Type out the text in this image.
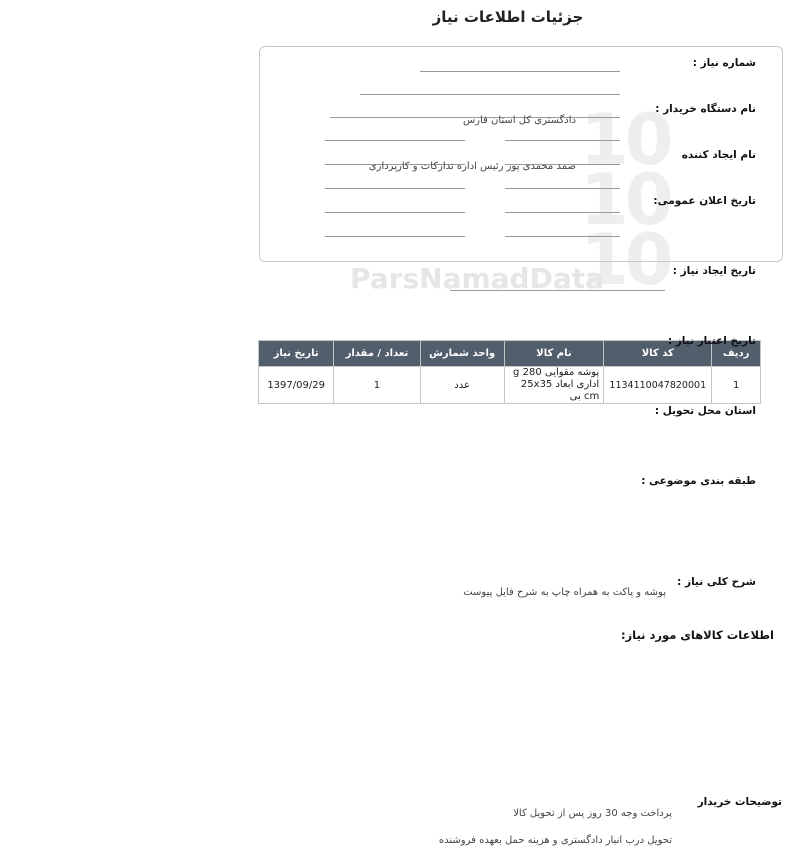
جزئیات اطلاعات نیاز
101010
ParsNamadData
شماره نیاز :
نام دستگاه خریدار :
دادگستری کل استان فارس
نام ایجاد کننده
صمد محمدی پور رئیس اداره تدارکات و کارپردازی
تاریخ اعلان عمومی:
تاریخ ایجاد نیاز :
تاریخ اعتبار نیاز :
استان محل تحویل :
طبقه بندی موضوعی :
شرح کلی نیاز :
پوشه و پاکت به همراه چاپ به شرح فایل پیوست
اطلاعات کالاهای مورد نیاز:
ردیف	کد کالا	نام کالا	واحد شمارش	تعداد / مقدار	تاریخ نیاز
1	1134110047820001	پوشه مقوایی 280 g اداری ابعاد 25x35 cm بی	عدد	1	1397/09/29
توضیحات خریدار
پرداخت وجه 30 روز پس از تحویل کالا
تحویل درب انبار دادگستری و هزینه حمل بعهده فروشنده
